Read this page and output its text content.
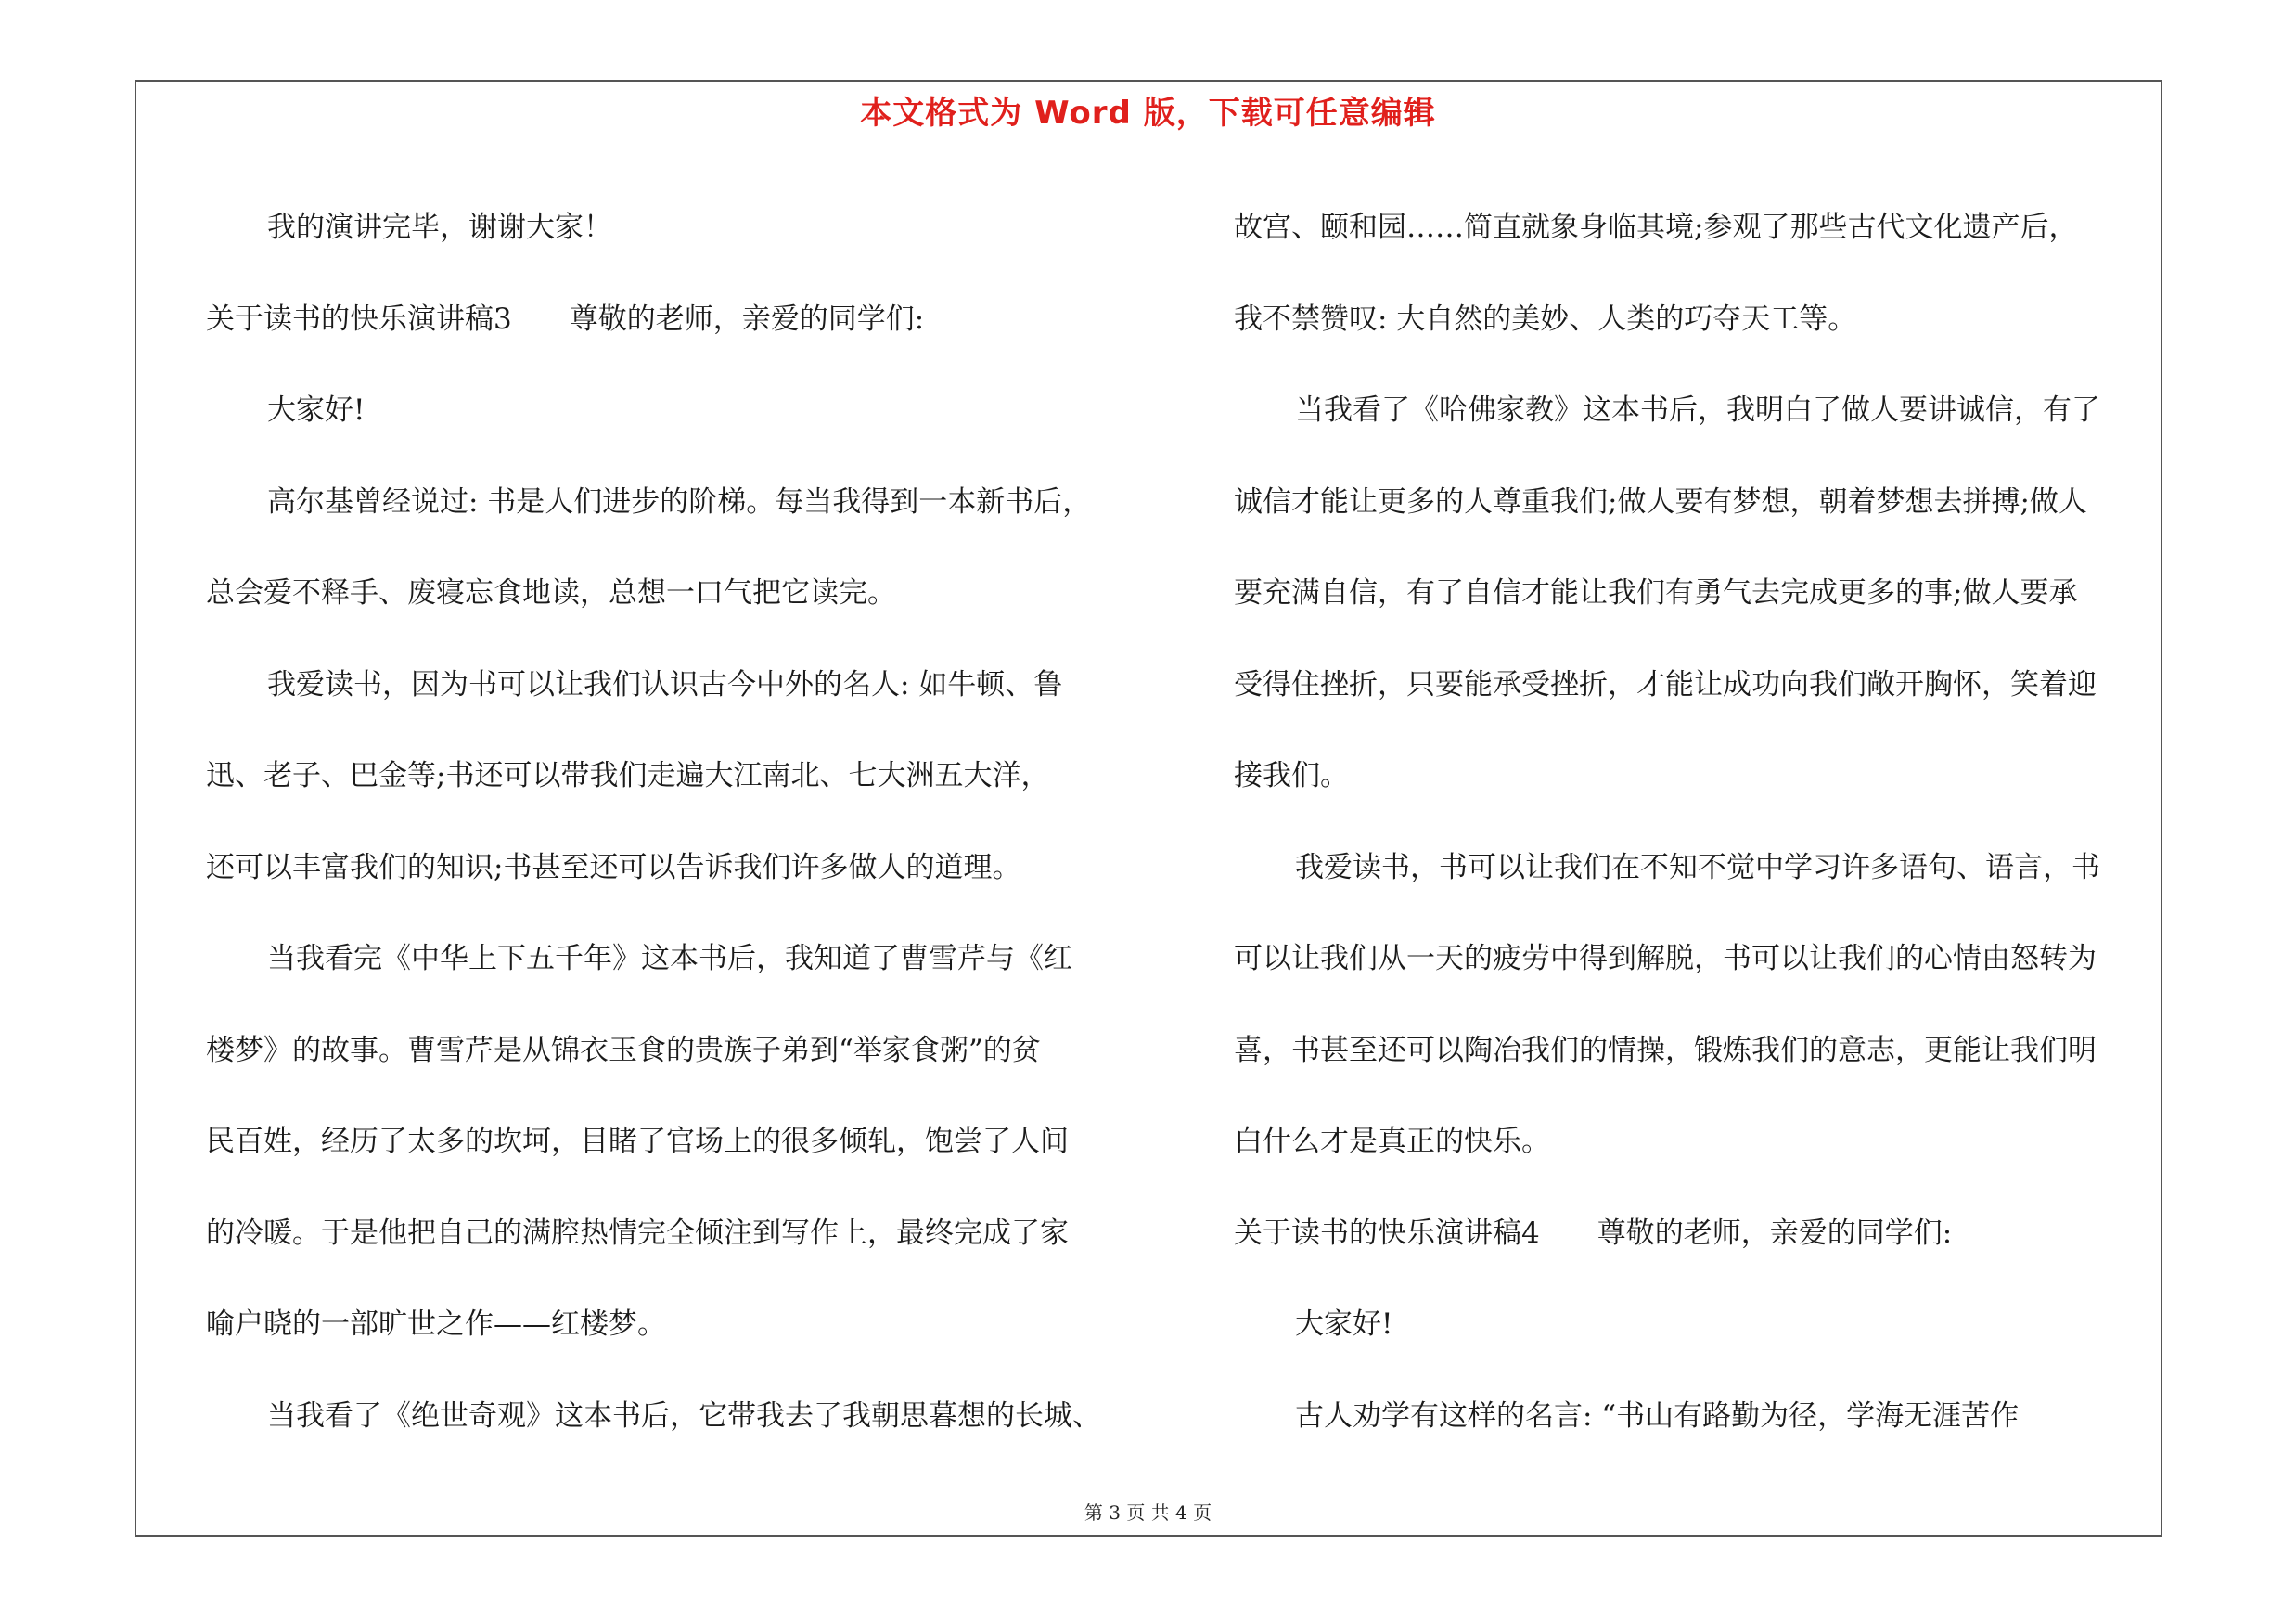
本文格式为 Word 版，下载可任意编辑
我的演讲完毕，谢谢大家！
关于读书的快乐演讲稿3　　尊敬的老师，亲爱的同学们:
大家好!
高尔基曾经说过: 书是人们进步的阶梯。每当我得到一本新书后，
总会爱不释手、废寝忘食地读，总想一口气把它读完。
我爱读书，因为书可以让我们认识古今中外的名人: 如牛顿、鲁
迅、老子、巴金等;书还可以带我们走遍大江南北、七大洲五大洋，
还可以丰富我们的知识;书甚至还可以告诉我们许多做人的道理。
当我看完《中华上下五千年》这本书后，我知道了曹雪芹与《红
楼梦》的故事。曹雪芹是从锦衣玉食的贵族子弟到“举家食粥”的贫
民百姓，经历了太多的坎坷，目睹了官场上的很多倾轧，饱尝了人间
的冷暖。于是他把自己的满腔热情完全倾注到写作上，最终完成了家
喻户晓的一部旷世之作——红楼梦。
当我看了《绝世奇观》这本书后，它带我去了我朝思暮想的长城、
故宫、颐和园……简直就象身临其境;参观了那些古代文化遗产后，
我不禁赞叹: 大自然的美妙、人类的巧夺天工等。
当我看了《哈佛家教》这本书后，我明白了做人要讲诚信，有了
诚信才能让更多的人尊重我们;做人要有梦想，朝着梦想去拼搏;做人
要充满自信，有了自信才能让我们有勇气去完成更多的事;做人要承
受得住挫折，只要能承受挫折，才能让成功向我们敞开胸怀，笑着迎
接我们。
我爱读书，书可以让我们在不知不觉中学习许多语句、语言，书
可以让我们从一天的疲劳中得到解脱，书可以让我们的心情由怒转为
喜，书甚至还可以陶冶我们的情操，锻炼我们的意志，更能让我们明
白什么才是真正的快乐。
关于读书的快乐演讲稿4　　尊敬的老师，亲爱的同学们:
大家好!
古人劝学有这样的名言: “书山有路勤为径，学海无涯苦作
第 3 页 共 4 页
